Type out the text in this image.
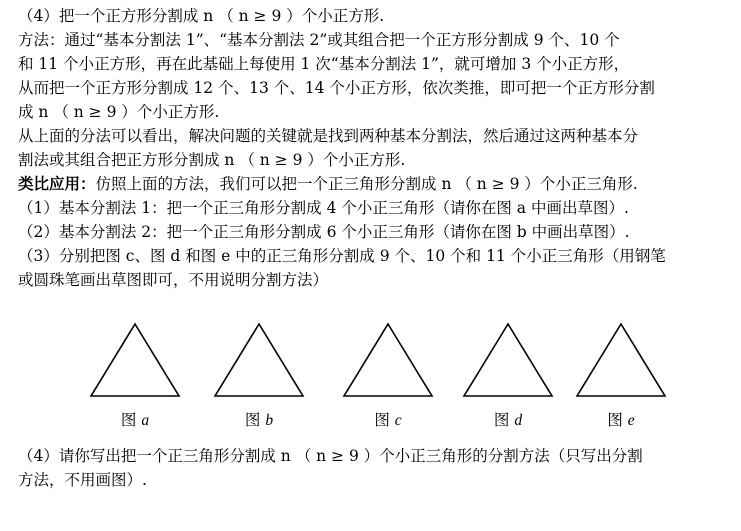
（4）把一个正方形分割成 n （ n ≥ 9 ）个小正方形.
方法：通过“基本分割法 1”、“基本分割法 2”或其组合把一个正方形分割成 9 个、10 个
和 11 个小正方形，再在此基础上每使用 1 次“基本分割法 1”，就可增加 3 个小正方形，
从而把一个正方形分割成 12 个、13 个、14 个小正方形，依次类推，即可把一个正方形分割
成 n （ n ≥ 9 ）个小正方形.
从上面的分法可以看出，解决问题的关键就是找到两种基本分割法，然后通过这两种基本分
割法或其组合把正方形分割成 n （ n ≥ 9 ）个小正方形.
类比应用：仿照上面的方法，我们可以把一个正三角形分割成 n （ n ≥ 9 ）个小正三角形.
（1）基本分割法 1：把一个正三角形分割成 4 个小正三角形（请你在图 a 中画出草图）.
（2）基本分割法 2：把一个正三角形分割成 6 个小正三角形（请你在图 b 中画出草图）.
（3）分别把图 c、图 d 和图 e 中的正三角形分割成 9 个、10 个和 11 个小正三角形（用钢笔
或圆珠笔画出草图即可，不用说明分割方法）
图 a	图 b	图 c	图 d	图 e
（4）请你写出把一个正三角形分割成 n （ n ≥ 9 ）个小正三角形的分割方法（只写出分割
方法，不用画图）.
